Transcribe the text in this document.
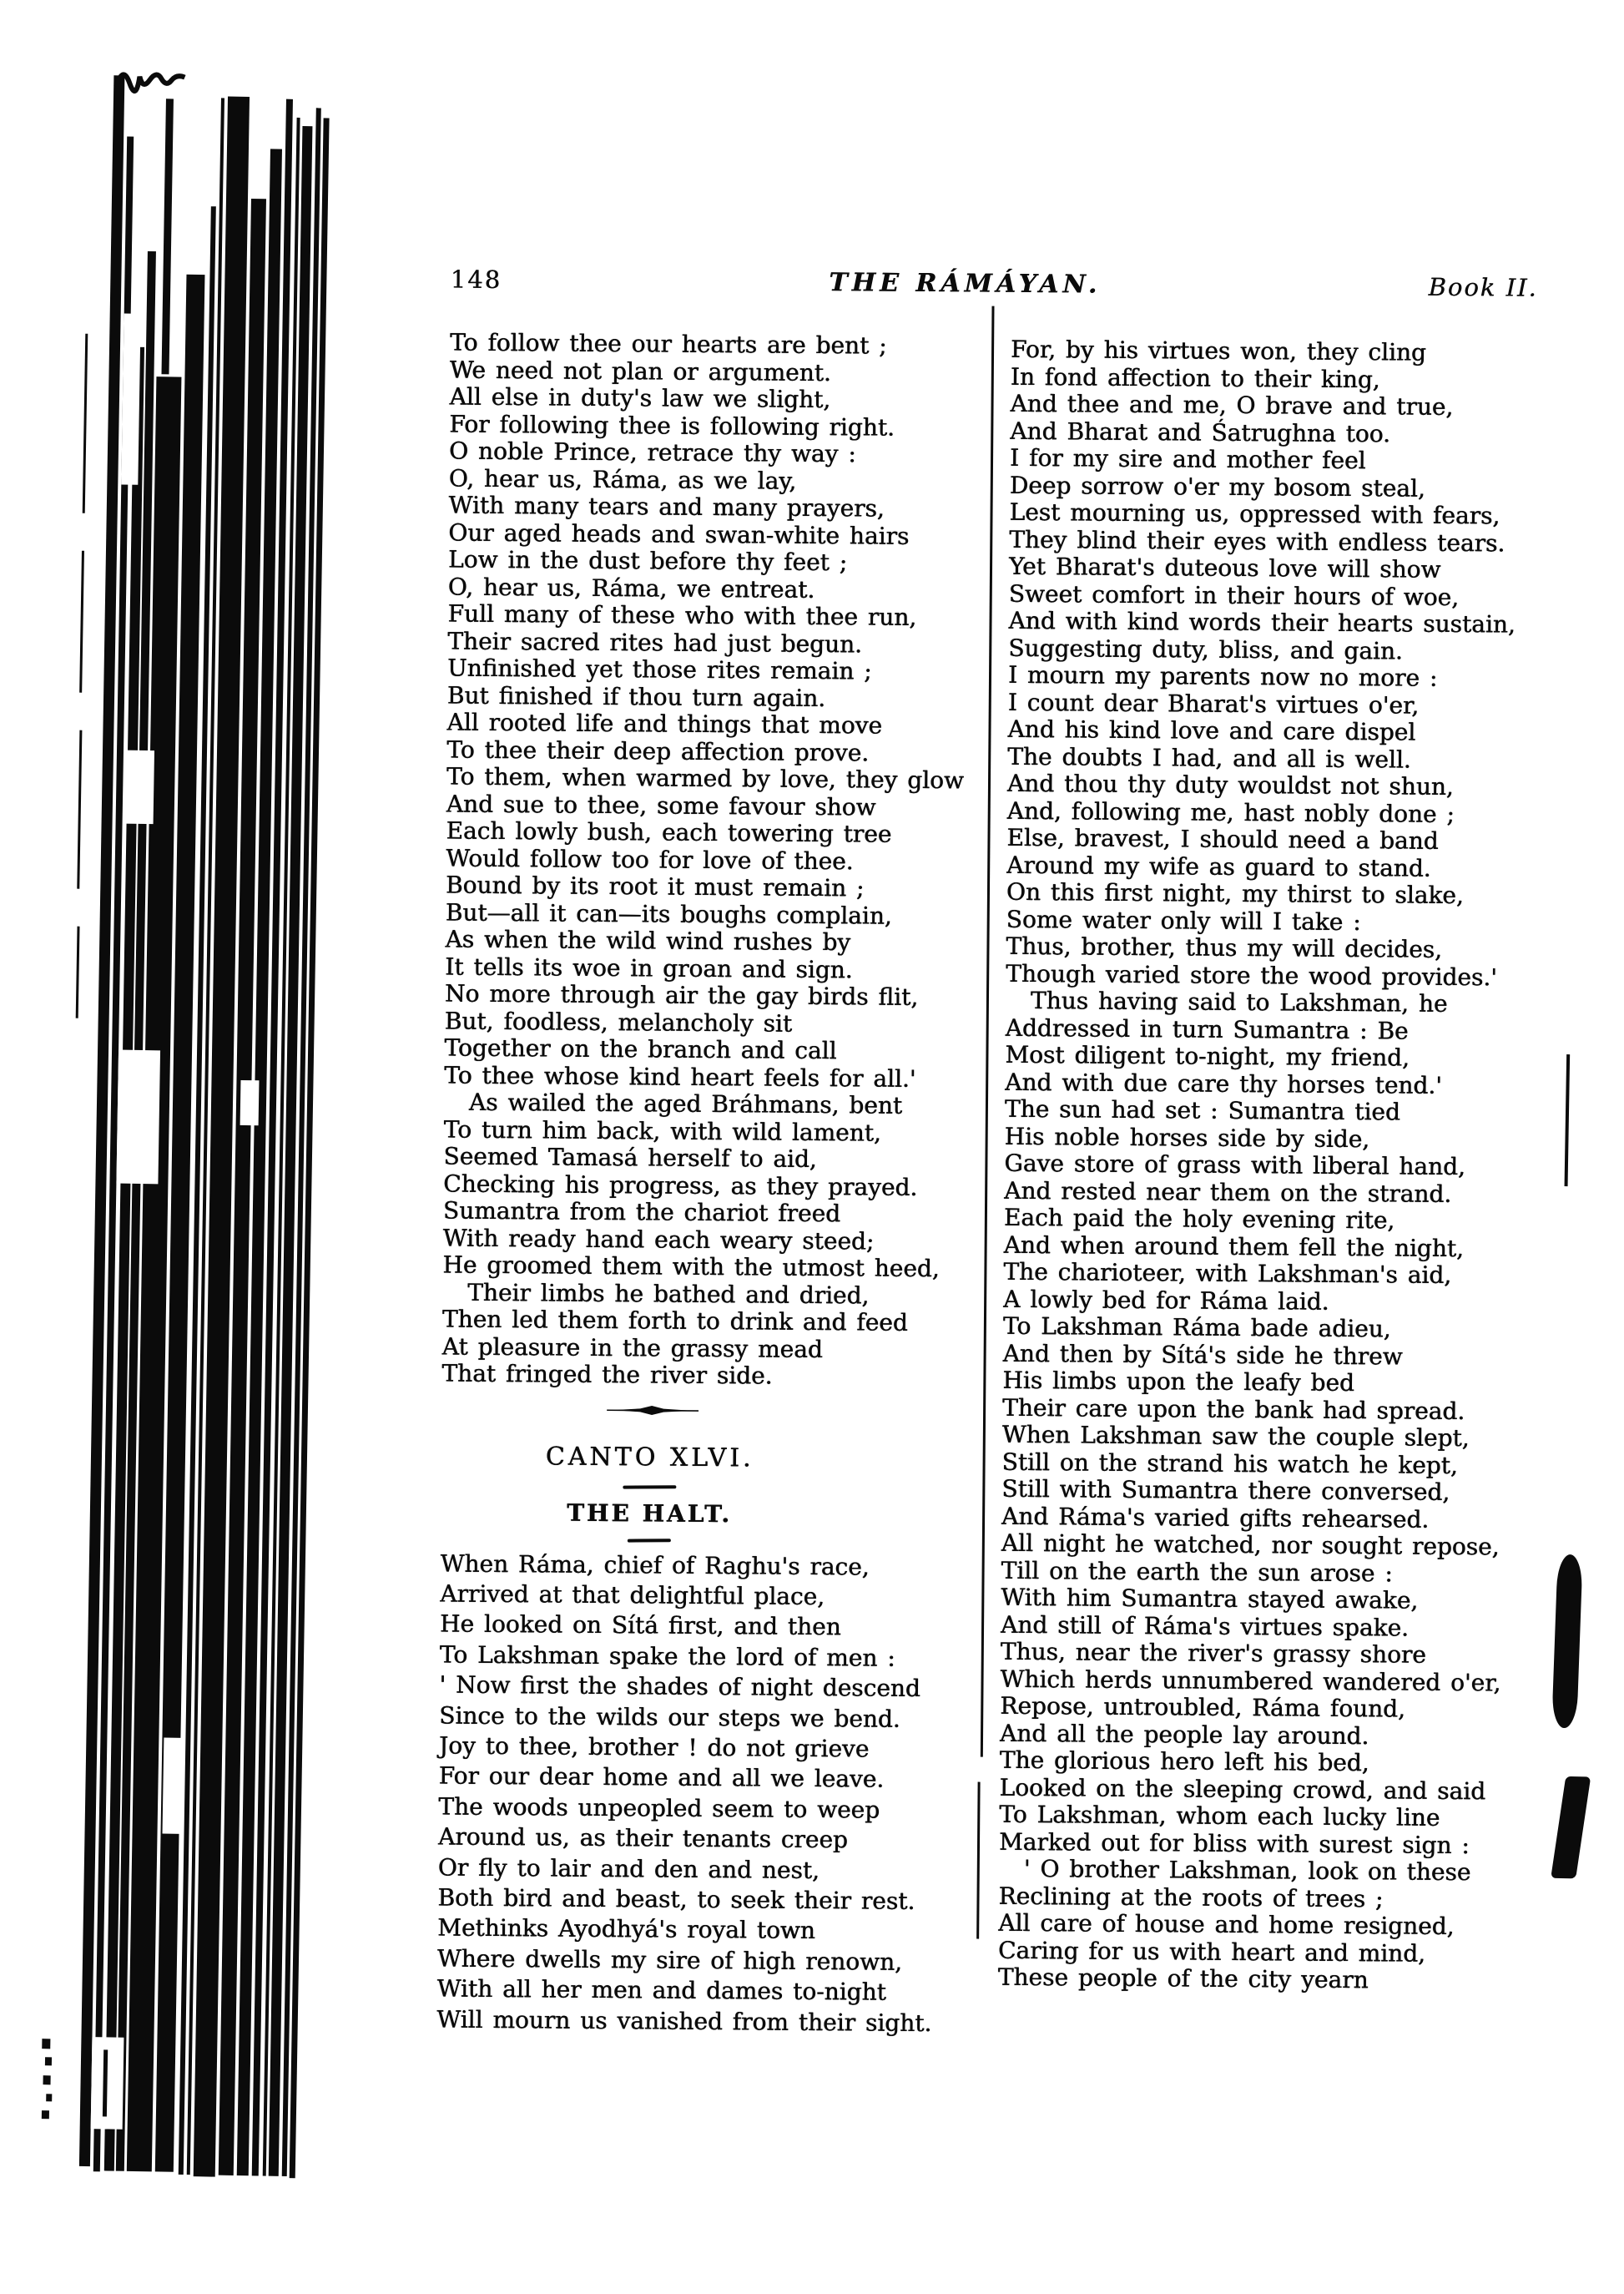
148	THE RÁMÁYAN.	Book II.
To follow thee our hearts are bent ;
We need not plan or argument.
All else in duty's law we slight,
For following thee is following right.
O noble Prince, retrace thy way :
O, hear us, Ráma, as we lay,
With many tears and many prayers,
Our aged heads and swan-white hairs
Low in the dust before thy feet ;
O, hear us, Ráma, we entreat.
Full many of these who with thee run,
Their sacred rites had just begun.
Unfinished yet those rites remain ;
But finished if thou turn again.
All rooted life and things that move
To thee their deep affection prove.
To them, when warmed by love, they glow
And sue to thee, some favour show
Each lowly bush, each towering tree
Would follow too for love of thee.
Bound by its root it must remain ;
But—all it can—its boughs complain,
As when the wild wind rushes by
It tells its woe in groan and sign.
No more through air the gay birds flit,
But, foodless, melancholy sit
Together on the branch and call
To thee whose kind heart feels for all.'
As wailed the aged Bráhmans, bent
To turn him back, with wild lament,
Seemed Tamasá herself to aid,
Checking his progress, as they prayed.
Sumantra from the chariot freed
With ready hand each weary steed;
He groomed them with the utmost heed,
Their limbs he bathed and dried,
Then led them forth to drink and feed
At pleasure in the grassy mead
That fringed the river side.
CANTO XLVI.
THE HALT.
When Ráma, chief of Raghu's race,
Arrived at that delightful place,
He looked on Sítá first, and then
To Lakshman spake the lord of men :
' Now first the shades of night descend
Since to the wilds our steps we bend.
Joy to thee, brother ! do not grieve
For our dear home and all we leave.
The woods unpeopled seem to weep
Around us, as their tenants creep
Or fly to lair and den and nest,
Both bird and beast, to seek their rest.
Methinks Ayodhyá's royal town
Where dwells my sire of high renown,
With all her men and dames to-night
Will mourn us vanished from their sight.
For, by his virtues won, they cling
In fond affection to their king,
And thee and me, O brave and true,
And Bharat and Śatrughna too.
I for my sire and mother feel
Deep sorrow o'er my bosom steal,
Lest mourning us, oppressed with fears,
They blind their eyes with endless tears.
Yet Bharat's duteous love will show
Sweet comfort in their hours of woe,
And with kind words their hearts sustain,
Suggesting duty, bliss, and gain.
I mourn my parents now no more :
I count dear Bharat's virtues o'er,
And his kind love and care dispel
The doubts I had, and all is well.
And thou thy duty wouldst not shun,
And, following me, hast nobly done ;
Else, bravest, I should need a band
Around my wife as guard to stand.
On this first night, my thirst to slake,
Some water only will I take :
Thus, brother, thus my will decides,
Though varied store the wood provides.'
Thus having said to Lakshman, he
Addressed in turn Sumantra : Be
Most diligent to-night, my friend,
And with due care thy horses tend.'
The sun had set : Sumantra tied
His noble horses side by side,
Gave store of grass with liberal hand,
And rested near them on the strand.
Each paid the holy evening rite,
And when around them fell the night,
The charioteer, with Lakshman's aid,
A lowly bed for Ráma laid.
To Lakshman Ráma bade adieu,
And then by Sítá's side he threw
His limbs upon the leafy bed
Their care upon the bank had spread.
When Lakshman saw the couple slept,
Still on the strand his watch he kept,
Still with Sumantra there conversed,
And Ráma's varied gifts rehearsed.
All night he watched, nor sought repose,
Till on the earth the sun arose :
With him Sumantra stayed awake,
And still of Ráma's virtues spake.
Thus, near the river's grassy shore
Which herds unnumbered wandered o'er,
Repose, untroubled, Ráma found,
And all the people lay around.
The glorious hero left his bed,
Looked on the sleeping crowd, and said
To Lakshman, whom each lucky line
Marked out for bliss with surest sign :
' O brother Lakshman, look on these
Reclining at the roots of trees ;
All care of house and home resigned,
Caring for us with heart and mind,
These people of the city yearn
